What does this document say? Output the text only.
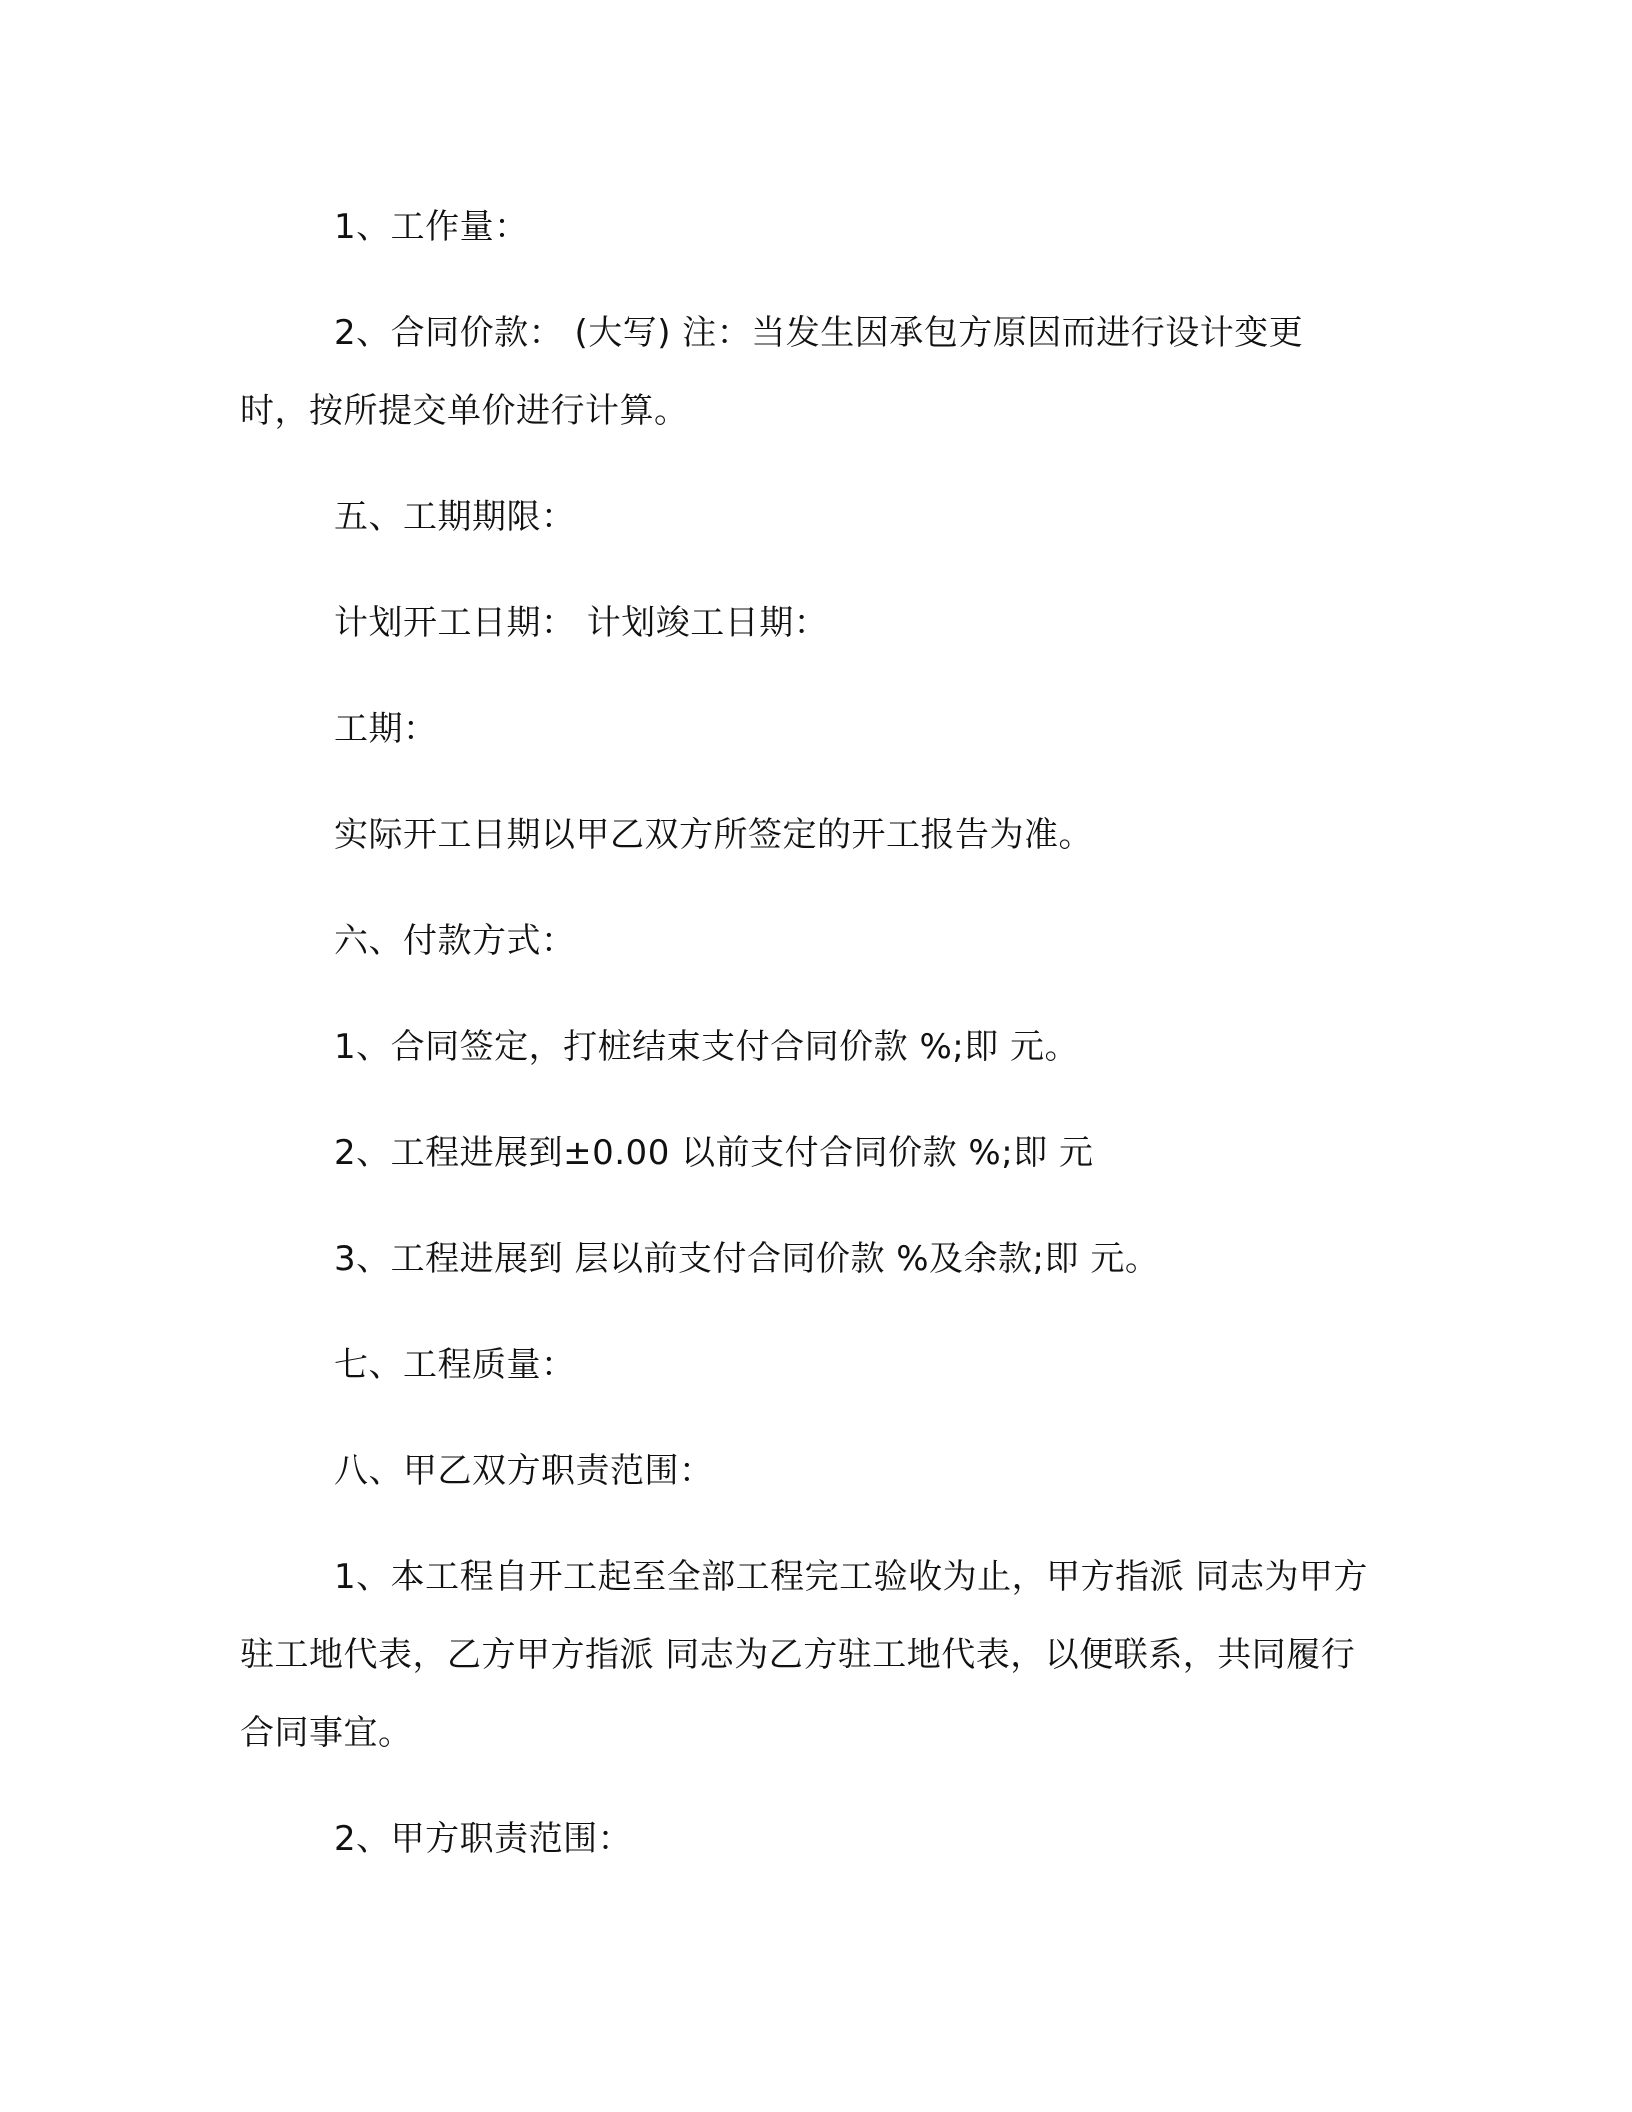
1、工作量：

2、合同价款： (大写) 注：当发生因承包方原因而进行设计变更时，按所提交单价进行计算。

五、工期期限：

计划开工日期： 计划竣工日期：

工期：

实际开工日期以甲乙双方所签定的开工报告为准。

六、付款方式：

1、合同签定，打桩结束支付合同价款 %;即 元。

2、工程进展到±0.00 以前支付合同价款 %;即 元

3、工程进展到 层以前支付合同价款 %及余款;即 元。

七、工程质量：

八、甲乙双方职责范围：

1、本工程自开工起至全部工程完工验收为止，甲方指派 同志为甲方驻工地代表，乙方甲方指派 同志为乙方驻工地代表，以便联系，共同履行合同事宜。

2、甲方职责范围：
